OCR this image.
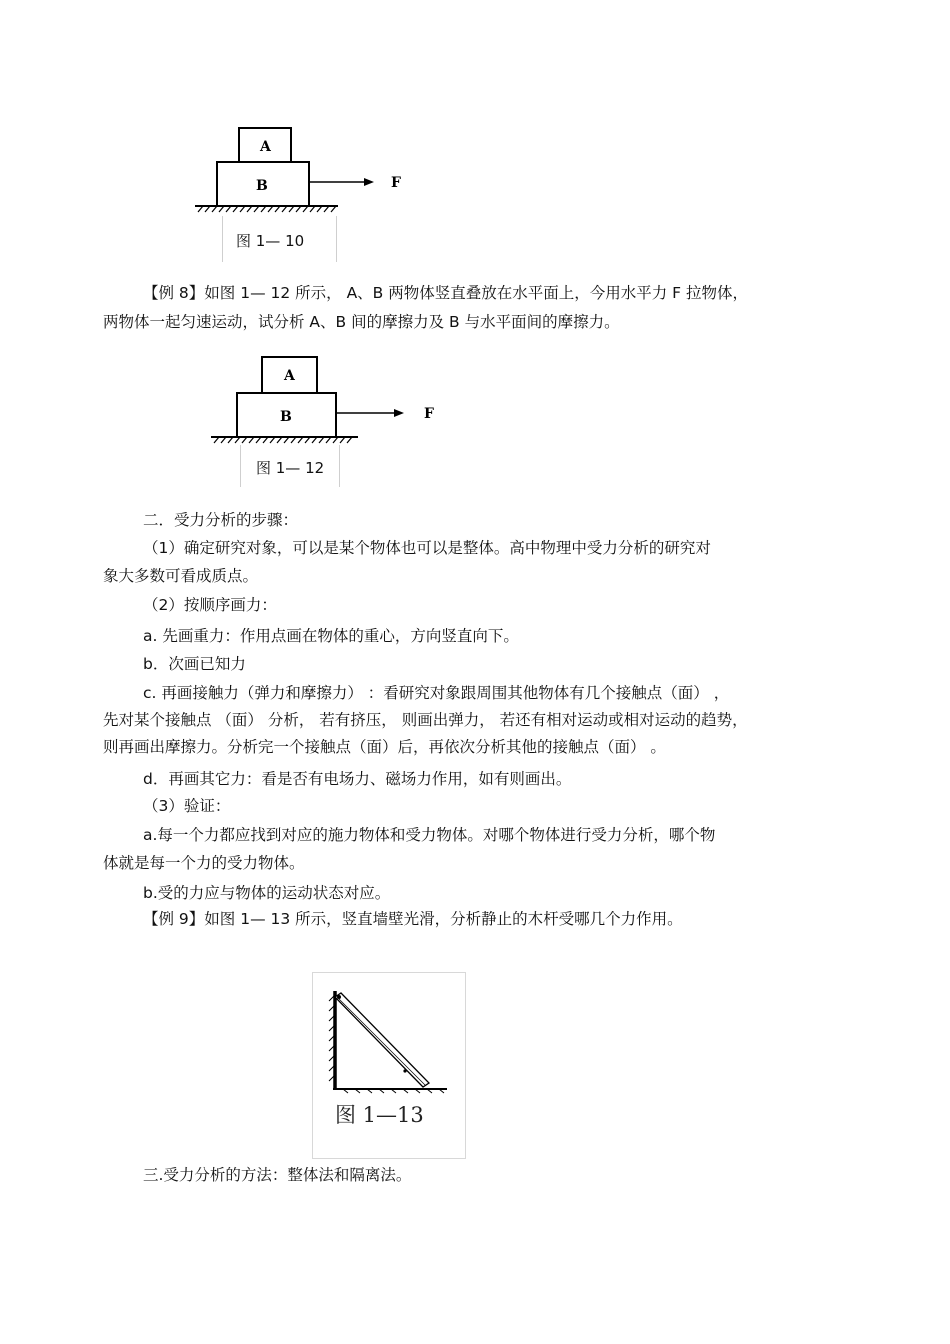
A
B	F
图 1— 10
【例 8】如图 1— 12 所示， A、B 两物体竖直叠放在水平面上，今用水平力 F 拉物体，
两物体一起匀速运动，试分析 A、B 间的摩擦力及 B 与水平面间的摩擦力。
A
B	F
图 1— 12
二．受力分析的步骤：
（1）确定研究对象，可以是某个物体也可以是整体。高中物理中受力分析的研究对
象大多数可看成质点。
（2）按顺序画力：
a. 先画重力：作用点画在物体的重心，方向竖直向下。
b．次画已知力
c. 再画接触力（弹力和摩擦力） ：看研究对象跟周围其他物体有几个接触点（面） ，
先对某个接触点 （面） 分析， 若有挤压， 则画出弹力， 若还有相对运动或相对运动的趋势，
则再画出摩擦力。分析完一个接触点（面）后，再依次分析其他的接触点（面） 。
d．再画其它力：看是否有电场力、磁场力作用，如有则画出。
（3）验证：
a.每一个力都应找到对应的施力物体和受力物体。对哪个物体进行受力分析，哪个物
体就是每一个力的受力物体。
b.受的力应与物体的运动状态对应。
【例 9】如图 1— 13 所示，竖直墙壁光滑，分析静止的木杆受哪几个力作用。
图 1—13
三.受力分析的方法：整体法和隔离法。
